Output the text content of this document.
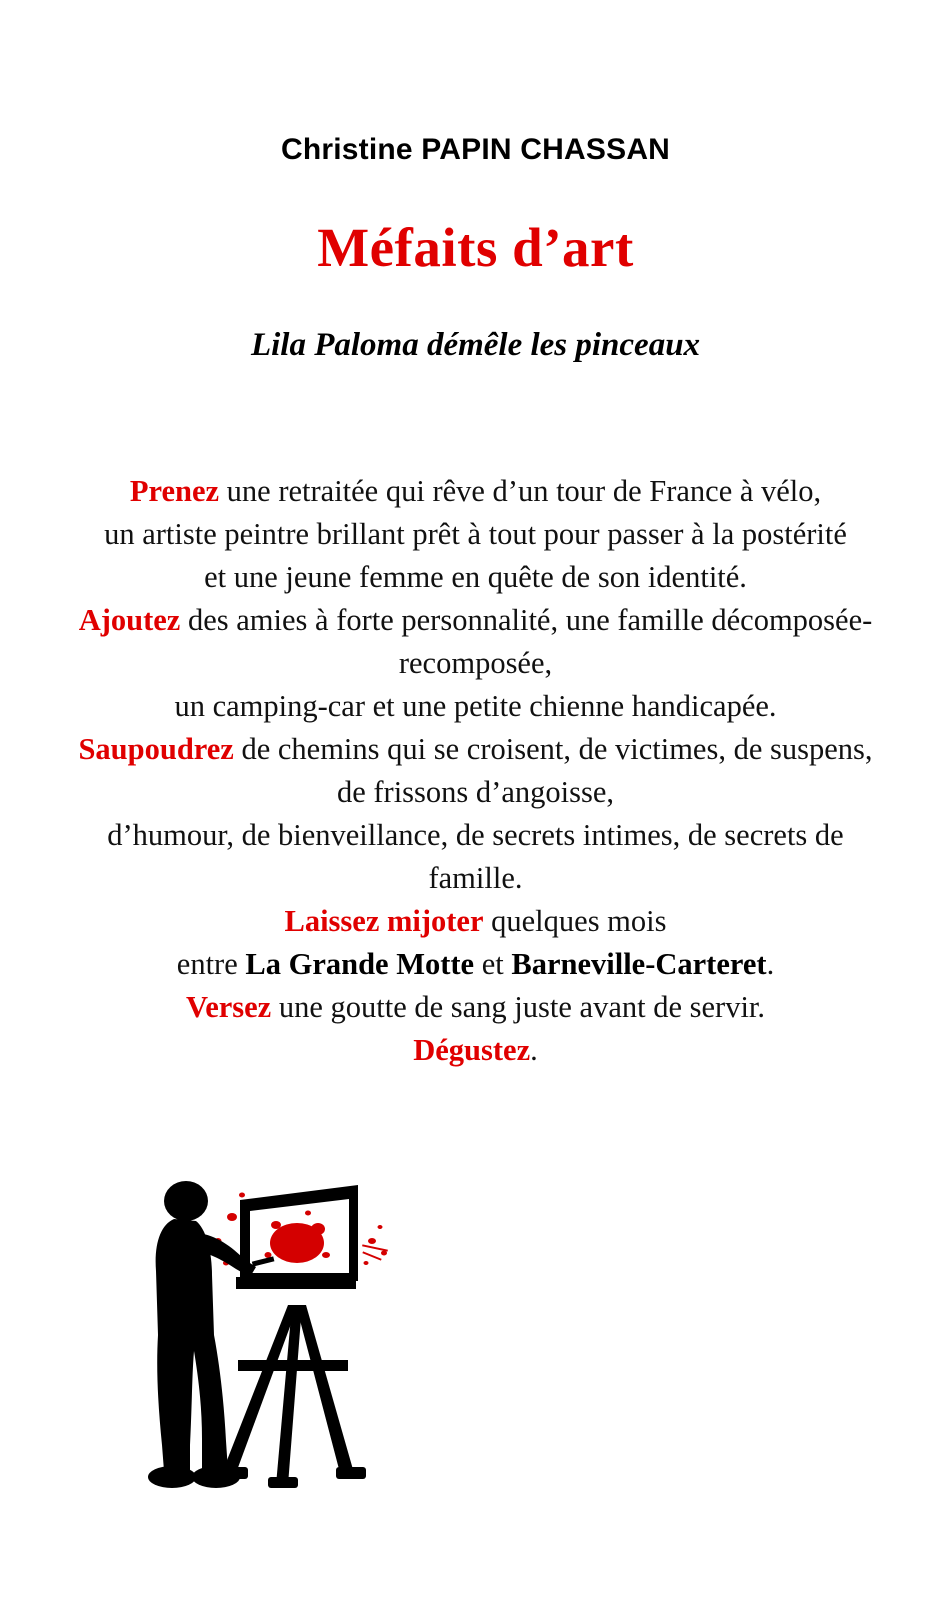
Christine PAPIN CHASSAN
Méfaits d’art
Lila Paloma démêle les pinceaux

Prenez une retraitée qui rêve d’un tour de France à vélo,

un artiste peintre brillant prêt à tout pour passer à la postérité

et une jeune femme en quête de son identité.

Ajoutez des amies à forte personnalité, une famille décomposée-recomposée,

un camping-car et une petite chienne handicapée.

Saupoudrez de chemins qui se croisent, de victimes, de suspens, de frissons d’angoisse,

d’humour, de bienveillance, de secrets intimes, de secrets de famille.

Laissez mijoter quelques mois

entre La Grande Motte et Barneville-Carteret.

Versez une goutte de sang juste avant de servir.

Dégustez.
